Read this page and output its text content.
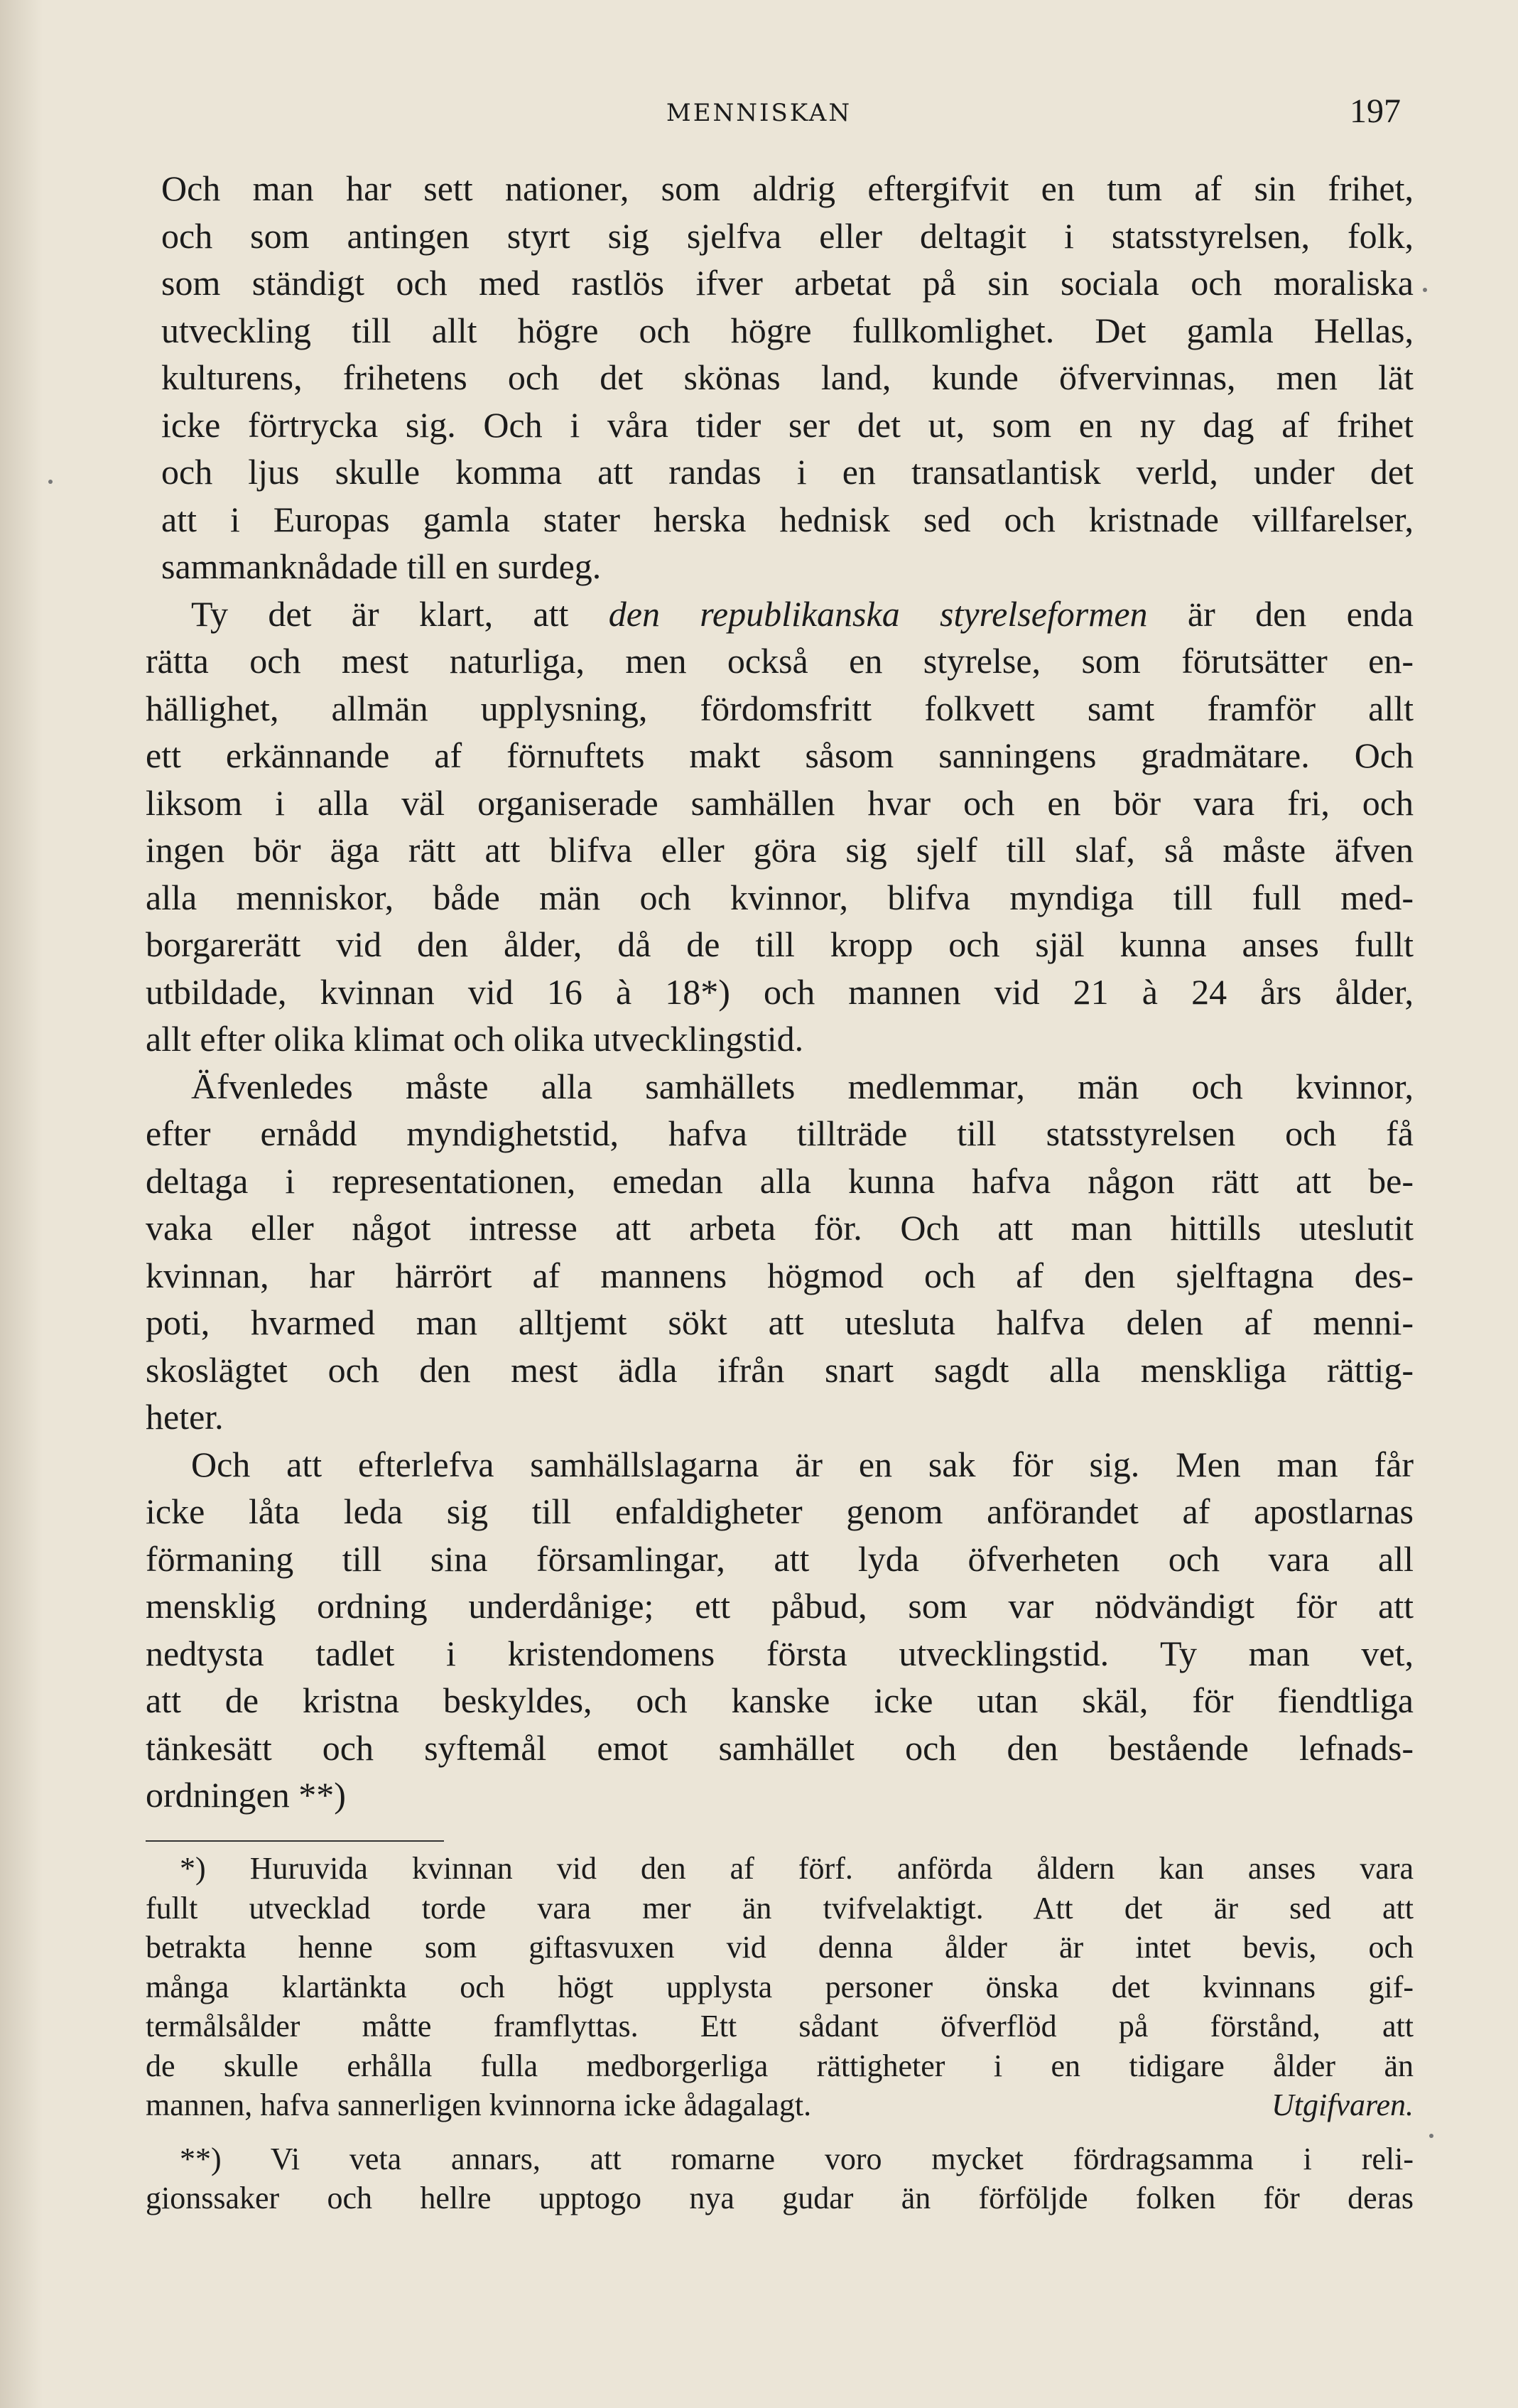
MENNISKAN	197

Och man har sett nationer, som aldrig eftergifvit en tum af sin frihet,
och som antingen styrt sig sjelfva eller deltagit i statsstyrelsen, folk,
som ständigt och med rastlös ifver arbetat på sin sociala och moraliska
utveckling till allt högre och högre fullkomlighet. Det gamla Hellas,
kulturens, frihetens och det skönas land, kunde öfvervinnas, men lät
icke förtrycka sig. Och i våra tider ser det ut, som en ny dag af frihet
och ljus skulle komma att randas i en transatlantisk verld, under det
att i Europas gamla stater herska hednisk sed och kristnade villfarelser,
sammanknådade till en surdeg.

Ty det är klart, att den republikanska styrelseformen är den enda
rätta och mest naturliga, men också en styrelse, som förutsätter en-
hällighet, allmän upplysning, fördomsfritt folkvett samt framför allt
ett erkännande af förnuftets makt såsom sanningens gradmätare. Och
liksom i alla väl organiserade samhällen hvar och en bör vara fri, och
ingen bör äga rätt att blifva eller göra sig sjelf till slaf, så måste äfven
alla menniskor, både män och kvinnor, blifva myndiga till full med-
borgarerätt vid den ålder, då de till kropp och själ kunna anses fullt
utbildade, kvinnan vid 16 à 18*) och mannen vid 21 à 24 års ålder,
allt efter olika klimat och olika utvecklingstid.

Äfvenledes måste alla samhällets medlemmar, män och kvinnor,
efter ernådd myndighetstid, hafva tillträde till statsstyrelsen och få
deltaga i representationen, emedan alla kunna hafva någon rätt att be-
vaka eller något intresse att arbeta för. Och att man hittills uteslutit
kvinnan, har härrört af mannens högmod och af den sjelftagna des-
poti, hvarmed man alltjemt sökt att utesluta halfva delen af menni-
skoslägtet och den mest ädla ifrån snart sagdt alla menskliga rättig-
heter.

Och att efterlefva samhällslagarna är en sak för sig. Men man får
icke låta leda sig till enfaldigheter genom anförandet af apostlarnas
förmaning till sina församlingar, att lyda öfverheten och vara all
mensklig ordning underdånige; ett påbud, som var nödvändigt för att
nedtysta tadlet i kristendomens första utvecklingstid. Ty man vet,
att de kristna beskyldes, och kanske icke utan skäl, för fiendtliga
tänkesätt och syftemål emot samhället och den bestående lefnads-
ordningen **)

*) Huruvida kvinnan vid den af förf. anförda åldern kan anses vara
fullt utvecklad torde vara mer än tvifvelaktigt. Att det är sed att
betrakta henne som giftasvuxen vid denna ålder är intet bevis, och
många klartänkta och högt upplysta personer önska det kvinnans gif-
termålsålder måtte framflyttas. Ett sådant öfverflöd på förstånd, att
de skulle erhålla fulla medborgerliga rättigheter i en tidigare ålder än
mannen, hafva sannerligen kvinnorna icke ådagalagt.	Utgifvaren.
**) Vi veta annars, att romarne voro mycket fördragsamma i reli-
gionssaker och hellre upptogo nya gudar än förföljde folken för deras
